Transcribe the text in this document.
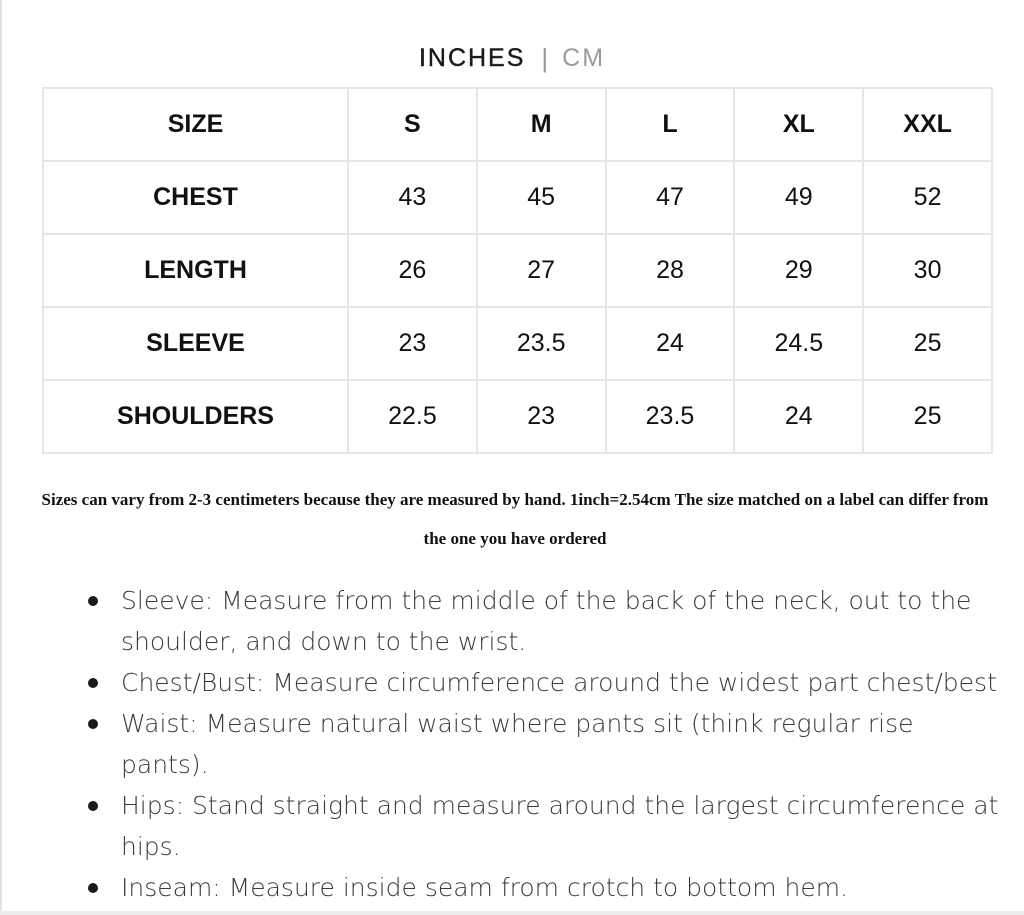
INCHES | CM
SIZE	S	M	L	XL	XXL
CHEST	43	45	47	49	52
LENGTH	26	27	28	29	30
SLEEVE	23	23.5	24	24.5	25
SHOULDERS	22.5	23	23.5	24	25
Sizes can vary from 2-3 centimeters because they are measured by hand. 1inch=2.54cm The size matched on a label can differ from the one you have ordered
Sleeve: Measure from the middle of the back of the neck, out to the shoulder, and down to the wrist.
Chest/Bust: Measure circumference around the widest part chest/best
Waist: Measure natural waist where pants sit (think regular rise pants).
Hips: Stand straight and measure around the largest circumference at hips.
Inseam: Measure inside seam from crotch to bottom hem.
